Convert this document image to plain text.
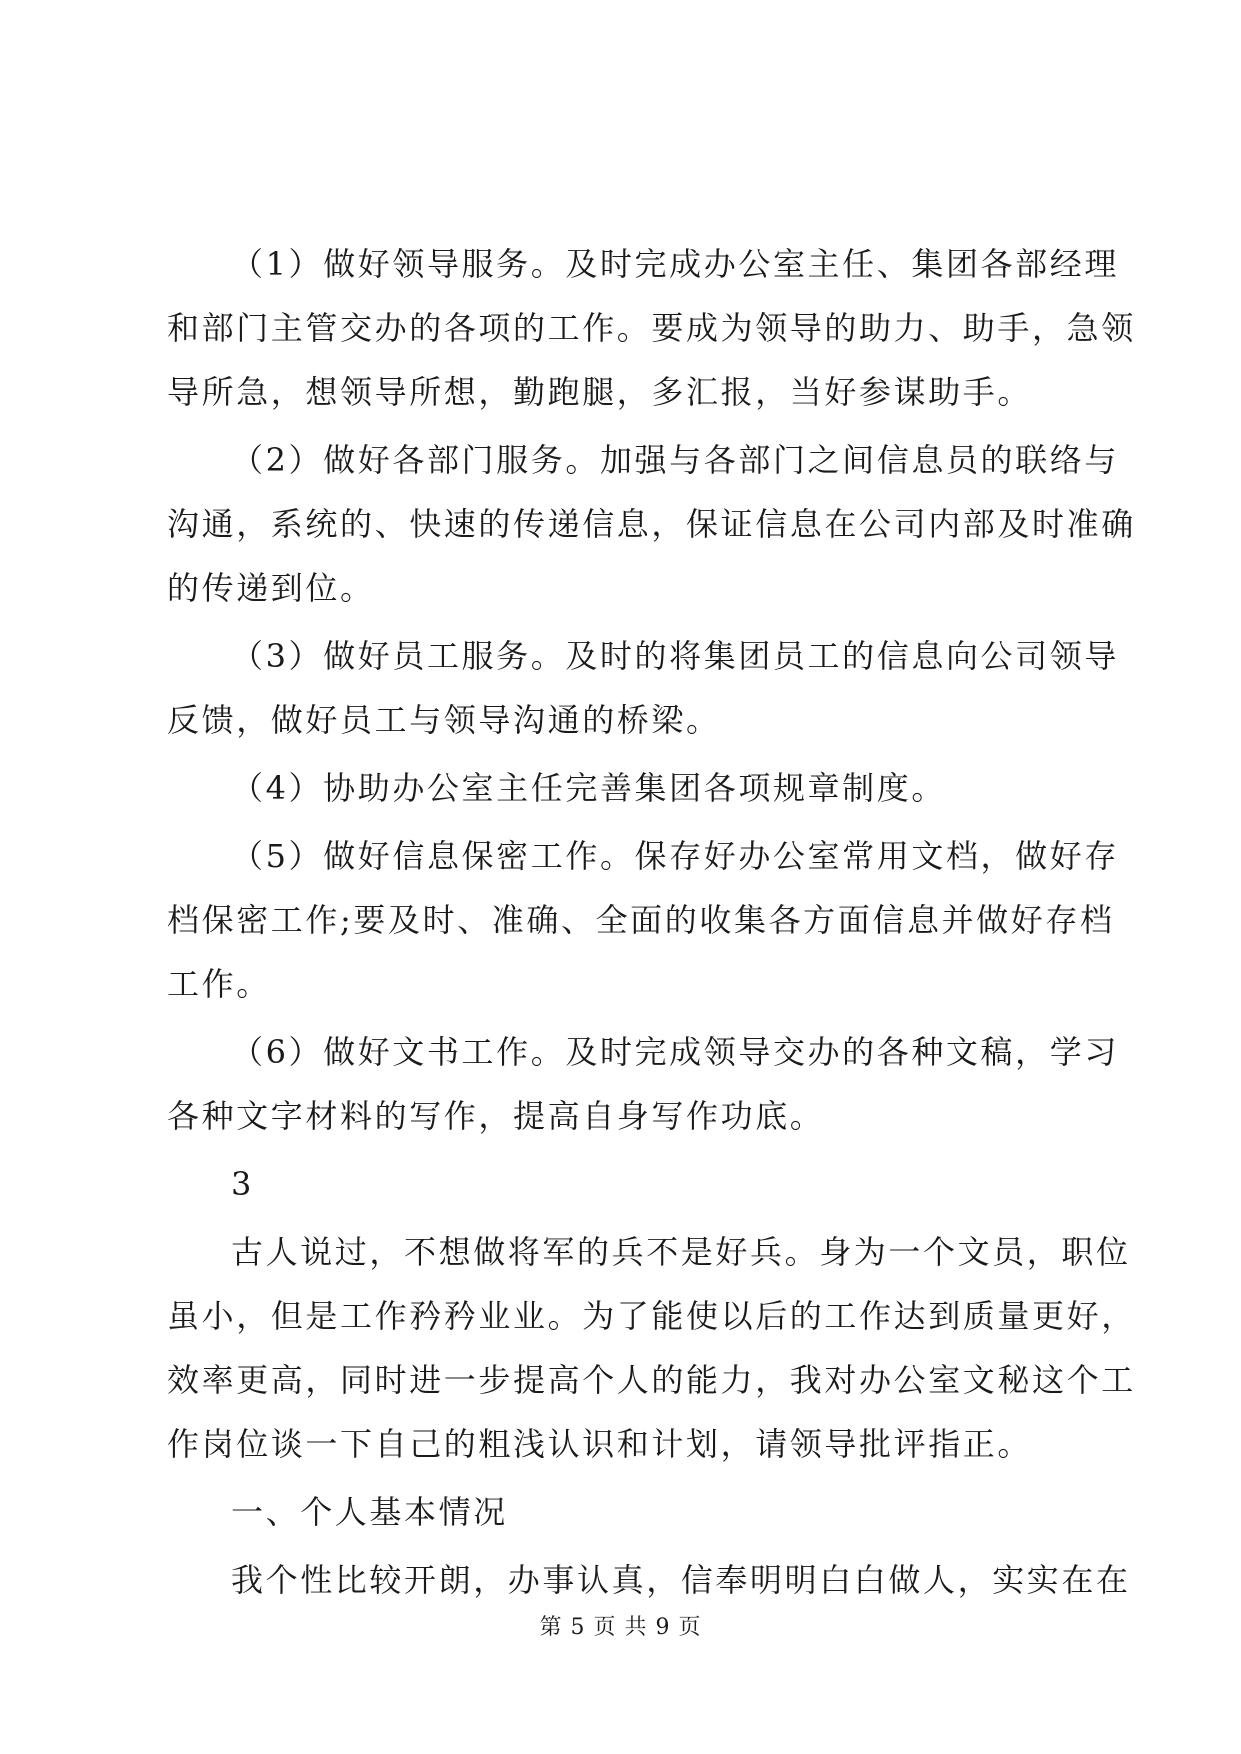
（1）做好领导服务。及时完成办公室主任、集团各部经理
和部门主管交办的各项的工作。要成为领导的助力、助手，急领
导所急，想领导所想，勤跑腿，多汇报，当好参谋助手。
（2）做好各部门服务。加强与各部门之间信息员的联络与
沟通，系统的、快速的传递信息，保证信息在公司内部及时准确
的传递到位。
（3）做好员工服务。及时的将集团员工的信息向公司领导
反馈，做好员工与领导沟通的桥梁。
（4）协助办公室主任完善集团各项规章制度。
（5）做好信息保密工作。保存好办公室常用文档，做好存
档保密工作;要及时、准确、全面的收集各方面信息并做好存档
工作。
（6）做好文书工作。及时完成领导交办的各种文稿，学习
各种文字材料的写作，提高自身写作功底。
3
古人说过，不想做将军的兵不是好兵。身为一个文员，职位
虽小，但是工作矜矜业业。为了能使以后的工作达到质量更好，
效率更高，同时进一步提高个人的能力，我对办公室文秘这个工
作岗位谈一下自己的粗浅认识和计划，请领导批评指正。
一、个人基本情况
我个性比较开朗，办事认真，信奉明明白白做人，实实在在
第 5 页 共 9 页
